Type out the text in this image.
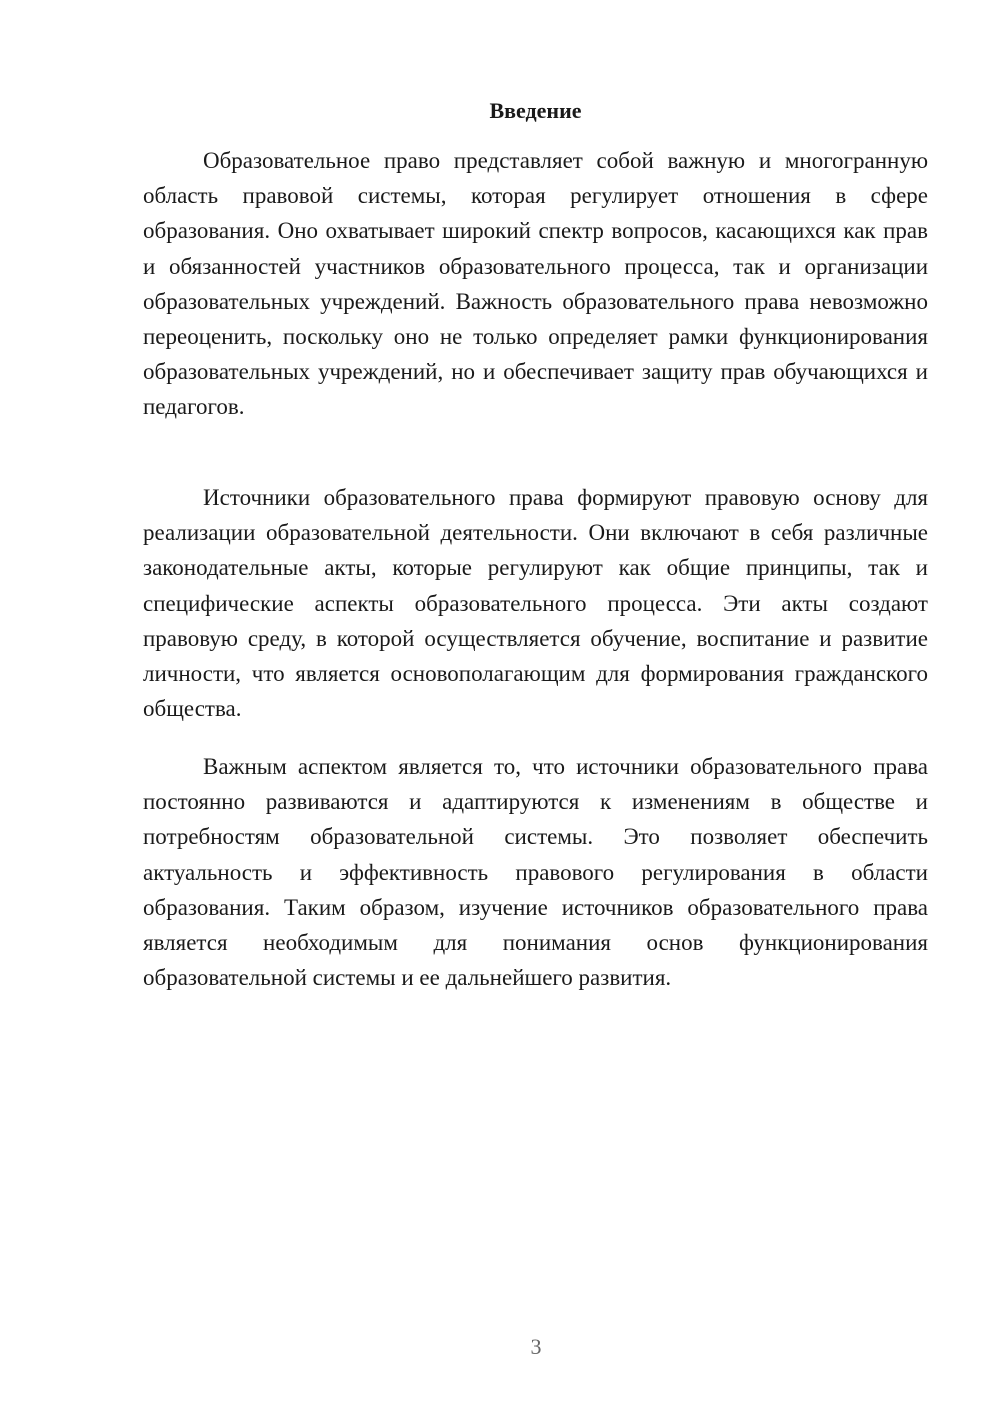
Введение

Образовательное право представляет собой важную и многогранную область правовой системы, которая регулирует отношения в сфере образования. Оно охватывает широкий спектр вопросов, касающихся как прав и обязанностей участников образовательного процесса, так и организации образовательных учреждений. Важность образовательного права невозможно переоценить, поскольку оно не только определяет рамки функционирования образовательных учреждений, но и обеспечивает защиту прав обучающихся и педагогов.

Источники образовательного права формируют правовую основу для реализации образовательной деятельности. Они включают в себя различные законодательные акты, которые регулируют как общие принципы, так и специфические аспекты образовательного процесса. Эти акты создают правовую среду, в которой осуществляется обучение, воспитание и развитие личности, что является основополагающим для формирования гражданского общества.

Важным аспектом является то, что источники образовательного права постоянно развиваются и адаптируются к изменениям в обществе и потребностям образовательной системы. Это позволяет обеспечить актуальность и эффективность правового регулирования в области образования. Таким образом, изучение источников образовательного права является необходимым для понимания основ функционирования образовательной системы и ее дальнейшего развития.

3
